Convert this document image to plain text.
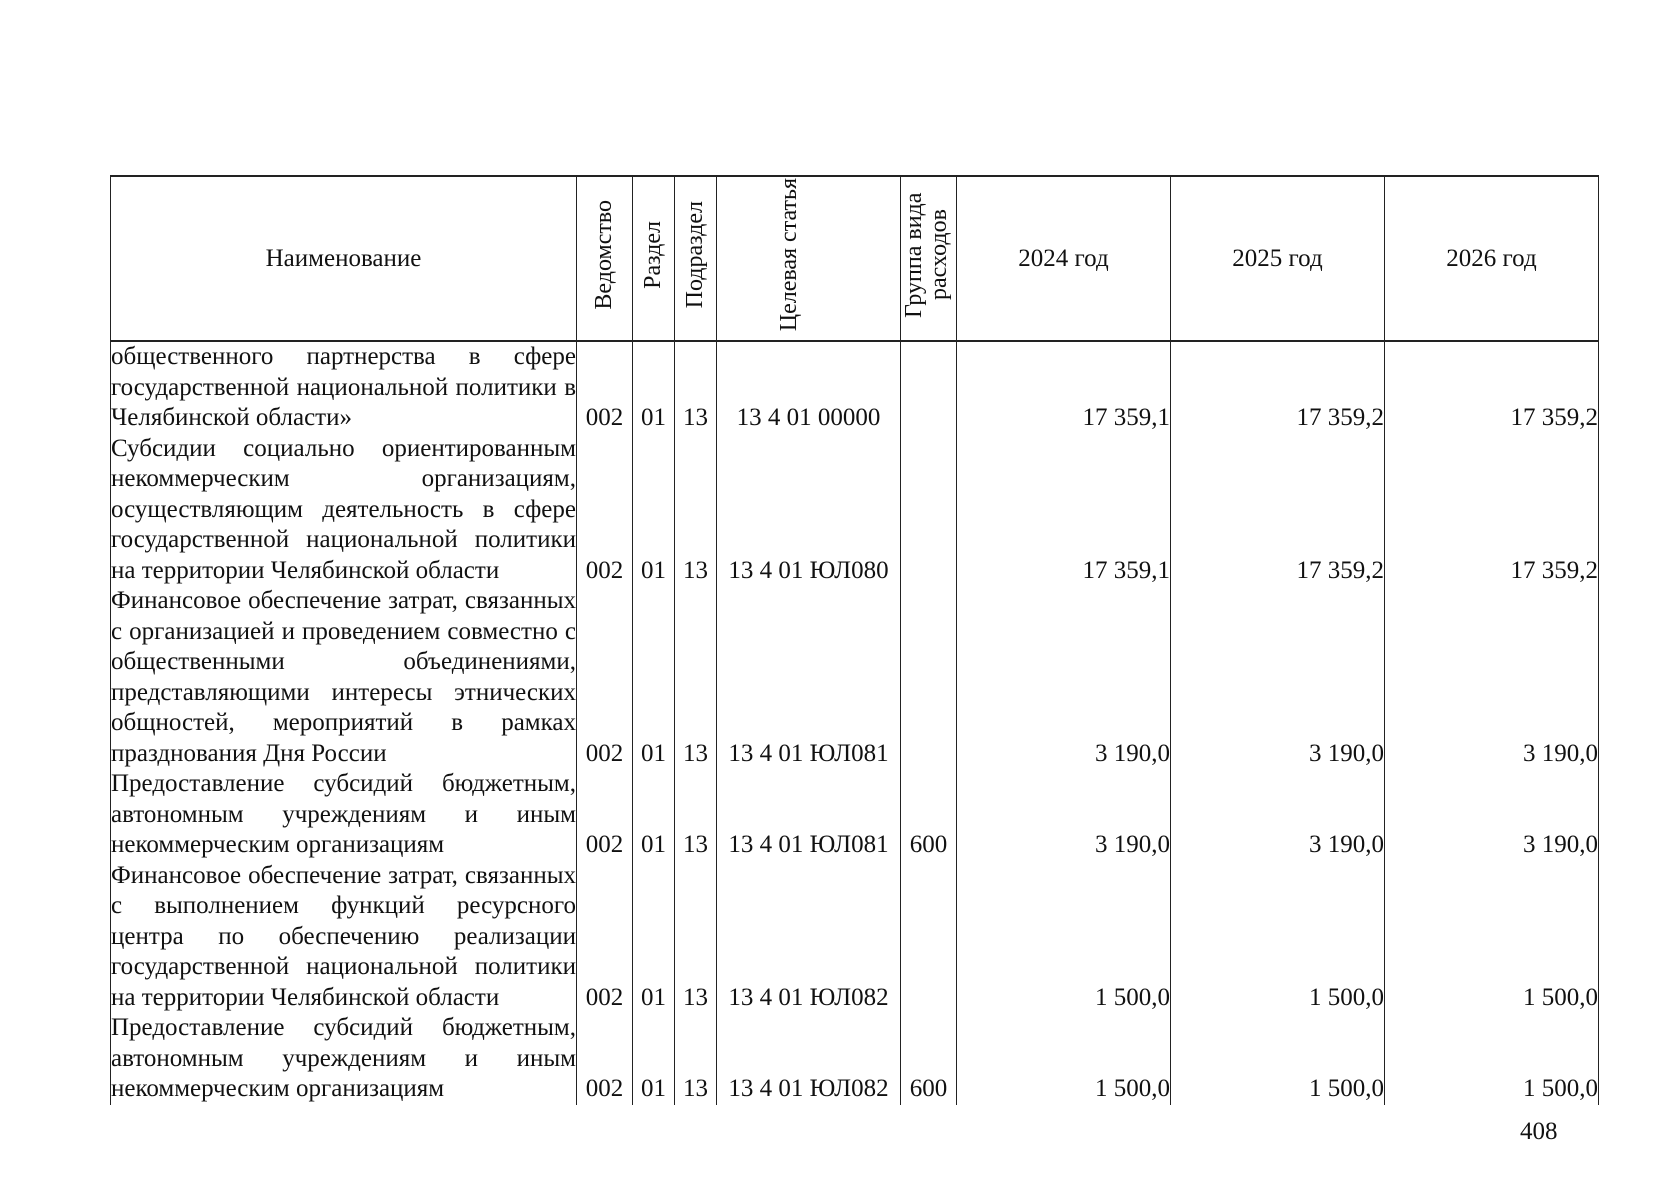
Наименование	Ведомство	Раздел	Подраздел	Целевая статья	Группа вида расходов	2024 год	2025 год	2026 год
общественного партнерства в сфере государственной национальной политики в Челябинской области»	002	01	13	13 4 01 00000		17 359,1	17 359,2	17 359,2
Субсидии социально ориентированным некоммерческим организациям, осуществляющим деятельность в сфере государственной национальной политики на территории Челябинской области	002	01	13	13 4 01 ЮЛ080		17 359,1	17 359,2	17 359,2
Финансовое обеспечение затрат, связанных с организацией и проведением совместно с общественными объединениями, представляющими интересы этнических общностей, мероприятий в рамках празднования Дня России	002	01	13	13 4 01 ЮЛ081		3 190,0	3 190,0	3 190,0
Предоставление субсидий бюджетным, автономным учреждениям и иным некоммерческим организациям	002	01	13	13 4 01 ЮЛ081	600	3 190,0	3 190,0	3 190,0
Финансовое обеспечение затрат, связанных с выполнением функций ресурсного центра по обеспечению реализации государственной национальной политики на территории Челябинской области	002	01	13	13 4 01 ЮЛ082		1 500,0	1 500,0	1 500,0
Предоставление субсидий бюджетным, автономным учреждениям и иным некоммерческим организациям	002	01	13	13 4 01 ЮЛ082	600	1 500,0	1 500,0	1 500,0
408
